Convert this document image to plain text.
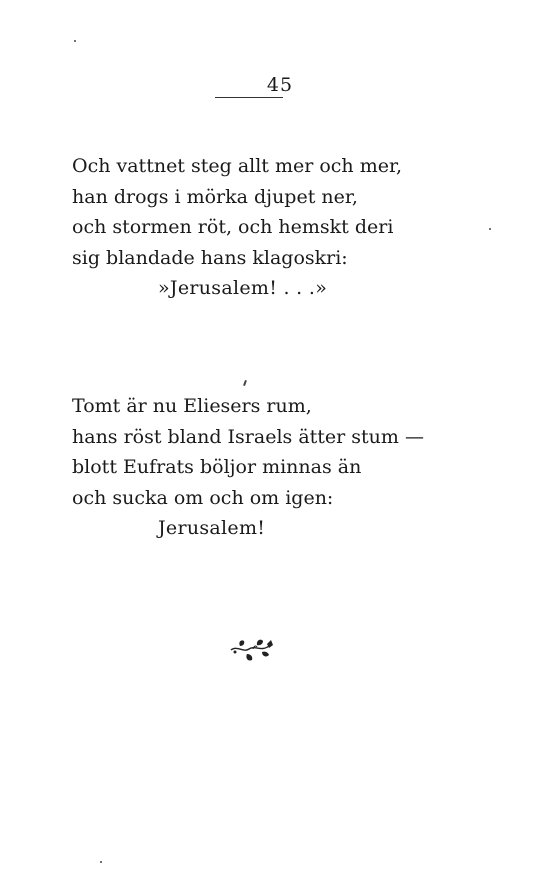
45
Och vattnet steg allt mer och mer,
han drogs i mörka djupet ner,
och stormen röt, och hemskt deri
sig blandade hans klagoskri:
»Jerusalem! . . .»
Tomt är nu Eliesers rum,
hans röst bland Israels ätter stum —
blott Eufrats böljor minnas än
och sucka om och om igen:
Jerusalem!
